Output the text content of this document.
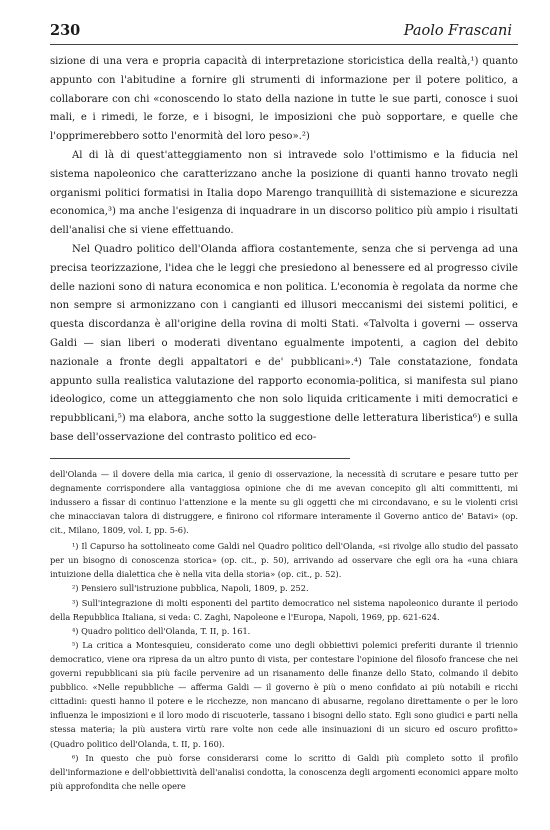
230	Paolo Frascani

sizione di una vera e propria capacità di interpretazione storicistica della realtà,¹) quanto appunto con l'abitudine a fornire gli strumenti di informazione per il potere politico, a collaborare con chi «conoscendo lo stato della nazione in tutte le sue parti, conosce i suoi mali, e i rimedi, le forze, e i bisogni, le imposizioni che può sopportare, e quelle che l'opprimerebbero sotto l'enormità del loro peso».²)

Al di là di quest'atteggiamento non si intravede solo l'ottimismo e la fiducia nel sistema napoleonico che caratterizzano anche la posizione di quanti hanno trovato negli organismi politici formatisi in Italia dopo Marengo tranquillità di sistemazione e sicurezza economica,³) ma anche l'esigenza di inquadrare in un discorso politico più ampio i risultati dell'analisi che si viene effettuando.

Nel Quadro politico dell'Olanda affiora costantemente, senza che si pervenga ad una precisa teorizzazione, l'idea che le leggi che presiedono al benessere ed al progresso civile delle nazioni sono di natura economica e non politica. L'economia è regolata da norme che non sempre si armonizzano con i cangianti ed illusori meccanismi dei sistemi politici, e questa discordanza è all'origine della rovina di molti Stati. «Talvolta i governi — osserva Galdi — sian liberi o moderati diventano egualmente impotenti, a cagion del debito nazionale a fronte degli appaltatori e de' pubblicani».⁴) Tale constatazione, fondata appunto sulla realistica valutazione del rapporto economia-politica, si manifesta sul piano ideologico, come un atteggiamento che non solo liquida criticamente i miti democratici e repubblicani,⁵) ma elabora, anche sotto la suggestione delle letteratura liberistica⁶) e sulla base dell'osservazione del contrasto politico ed eco-

dell'Olanda — il dovere della mia carica, il genio di osservazione, la necessità di scrutare e pesare tutto per degnamente corrispondere alla vantaggiosa opinione che di me avevan concepito gli alti committenti, mi indussero a fissar di continuo l'attenzione e la mente su gli oggetti che mi circondavano, e su le violenti crisi che minacciavan talora di distruggere, e finirono col riformare interamente il Governo antico de' Batavi» (op. cit., Milano, 1809, vol. I, pp. 5-6).

¹) Il Capurso ha sottolineato come Galdi nel Quadro politico dell'Olanda, «si rivolge allo studio del passato per un bisogno di conoscenza storica» (op. cit., p. 50), arrivando ad osservare che egli ora ha «una chiara intuizione della dialettica che è nella vita della storia» (op. cit., p. 52).

²) Pensiero sull'istruzione pubblica, Napoli, 1809, p. 252.

³) Sull'integrazione di molti esponenti del partito democratico nel sistema napoleonico durante il periodo della Repubblica Italiana, si veda: C. Zaghi, Napoleone e l'Europa, Napoli, 1969, pp. 621-624.

⁴) Quadro politico dell'Olanda, T. II, p. 161.

⁵) La critica a Montesquieu, considerato come uno degli obbiettivi polemici preferiti durante il triennio democratico, viene ora ripresa da un altro punto di vista, per contestare l'opinione del filosofo francese che nei governi repubblicani sia più facile pervenire ad un risanamento delle finanze dello Stato, colmando il debito pubblico. «Nelle repubbliche — afferma Galdi — il governo è più o meno confidato ai più notabili e ricchi cittadini: questi hanno il potere e le ricchezze, non mancano di abusarne, regolano direttamente o per le loro influenza le imposizioni e il loro modo di riscuoterle, tassano i bisogni dello stato. Egli sono giudici e parti nella stessa materia; la più austera virtù rare volte non cede alle insinuazioni di un sicuro ed oscuro profitto» (Quadro politico dell'Olanda, t. II, p. 160).

⁶) In questo che può forse considerarsi come lo scritto di Galdi più completo sotto il profilo dell'informazione e dell'obbiettività dell'analisi condotta, la conoscenza degli argomenti economici appare molto più approfondita che nelle opere
